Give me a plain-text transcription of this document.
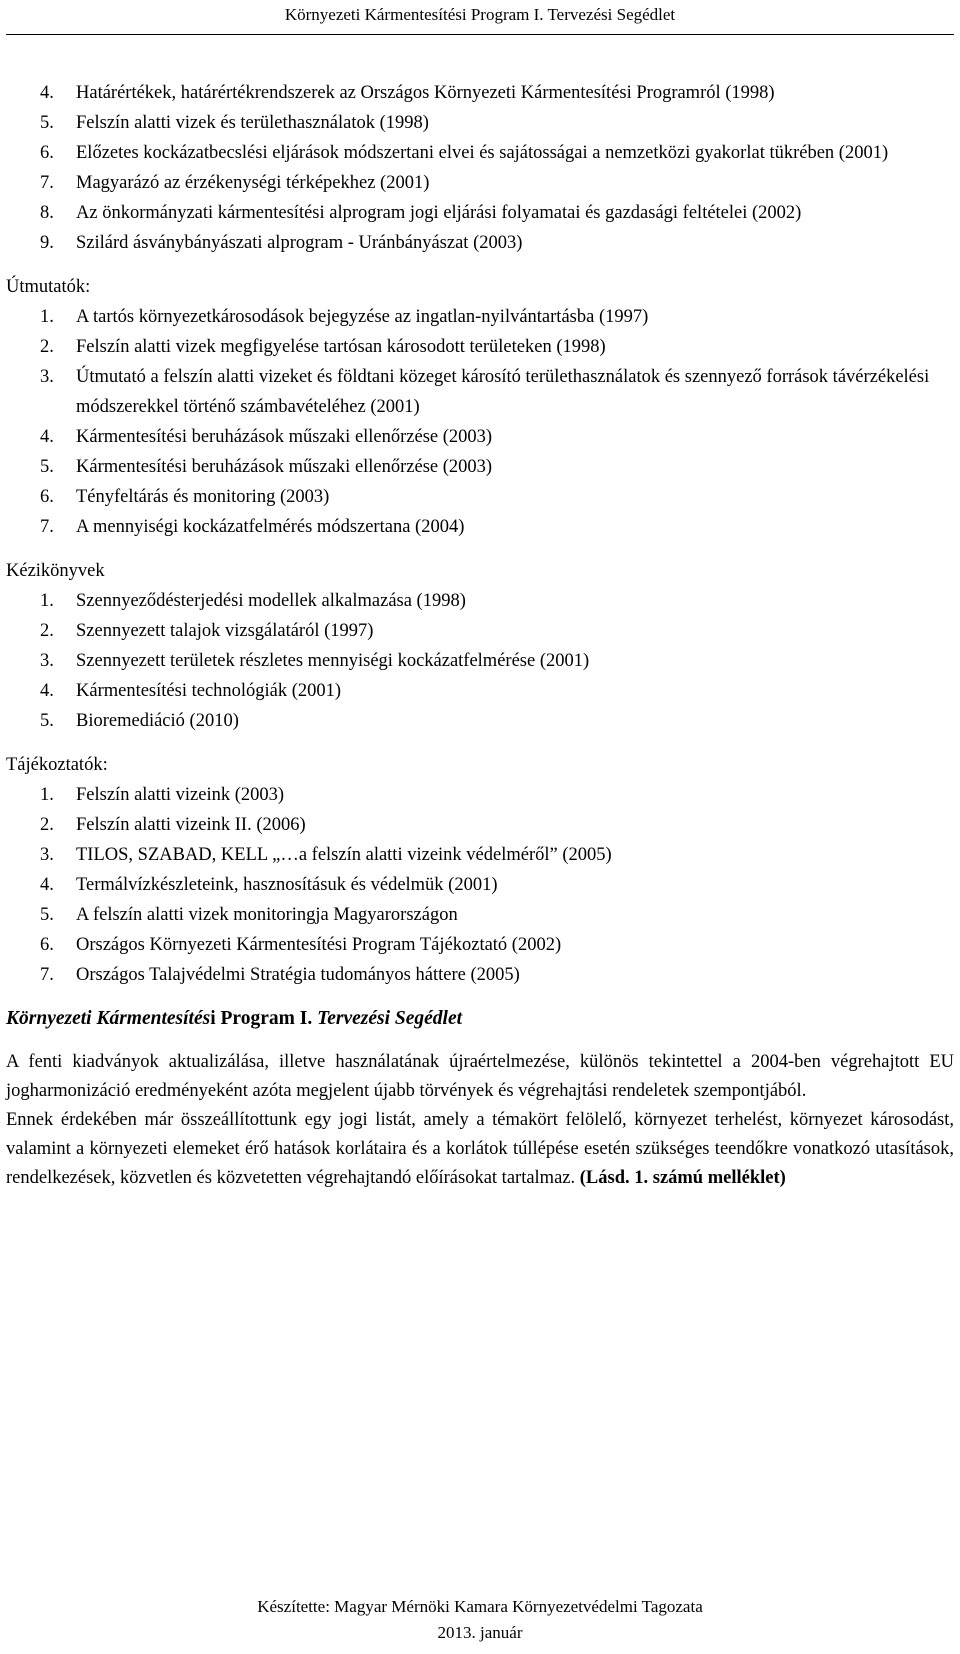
Környezeti Kármentesítési Program I. Tervezési Segédlet
4.	Határértékek, határértékrendszerek az Országos Környezeti Kármentesítési Programról (1998)
5.	Felszín alatti vizek és területhasználatok (1998)
6.	Előzetes kockázatbecslési eljárások módszertani elvei és sajátosságai a nemzetközi gyakorlat tükrében (2001)
7.	Magyarázó az érzékenységi térképekhez (2001)
8.	Az önkormányzati kármentesítési alprogram jogi eljárási folyamatai és gazdasági feltételei (2002)
9.	Szilárd ásványbányászati alprogram - Uránbányászat (2003)

Útmutatók:

1.	A tartós környezetkárosodások bejegyzése az ingatlan-nyilvántartásba (1997)
2.	Felszín alatti vizek megfigyelése tartósan károsodott területeken (1998)
3.	Útmutató a felszín alatti vizeket és földtani közeget károsító területhasználatok és szennyező források távérzékelési módszerekkel történő számbavételéhez (2001)
4.	Kármentesítési beruházások műszaki ellenőrzése (2003)
5.	Kármentesítési beruházások műszaki ellenőrzése (2003)
6.	Tényfeltárás és monitoring (2003)
7.	A mennyiségi kockázatfelmérés módszertana (2004)

Kézikönyvek

1.	Szennyeződésterjedési modellek alkalmazása (1998)
2.	Szennyezett talajok vizsgálatáról (1997)
3.	Szennyezett területek részletes mennyiségi kockázatfelmérése (2001)
4.	Kármentesítési technológiák (2001)
5.	Bioremediáció (2010)

Tájékoztatók:

1.	Felszín alatti vizeink (2003)
2.	Felszín alatti vizeink II. (2006)
3.	TILOS, SZABAD, KELL „…a felszín alatti vizeink védelméről” (2005)
4.	Termálvízkészleteink, hasznosításuk és védelmük (2001)
5.	A felszín alatti vizek monitoringja Magyarországon
6.	Országos Környezeti Kármentesítési Program Tájékoztató (2002)
7.	Országos Talajvédelmi Stratégia tudományos háttere (2005)

Környezeti Kármentesítési Program I. Tervezési Segédlet

A fenti kiadványok aktualizálása, illetve használatának újraértelmezése, különös tekintettel a 2004-ben végrehajtott EU jogharmonizáció eredményeként azóta megjelent újabb törvények és végrehajtási rendeletek szempontjából.

Ennek érdekében már összeállítottunk egy jogi listát, amely a témakört felölelő, környezet terhelést, környezet károsodást, valamint a környezeti elemeket érő hatások korlátaira és a korlátok túllépése esetén szükséges teendőkre vonatkozó utasítások, rendelkezések, közvetlen és közvetetten végrehajtandó előírásokat tartalmaz. (Lásd. 1. számú melléklet)

Készítette: Magyar Mérnöki Kamara Környezetvédelmi Tagozata
2013. január
